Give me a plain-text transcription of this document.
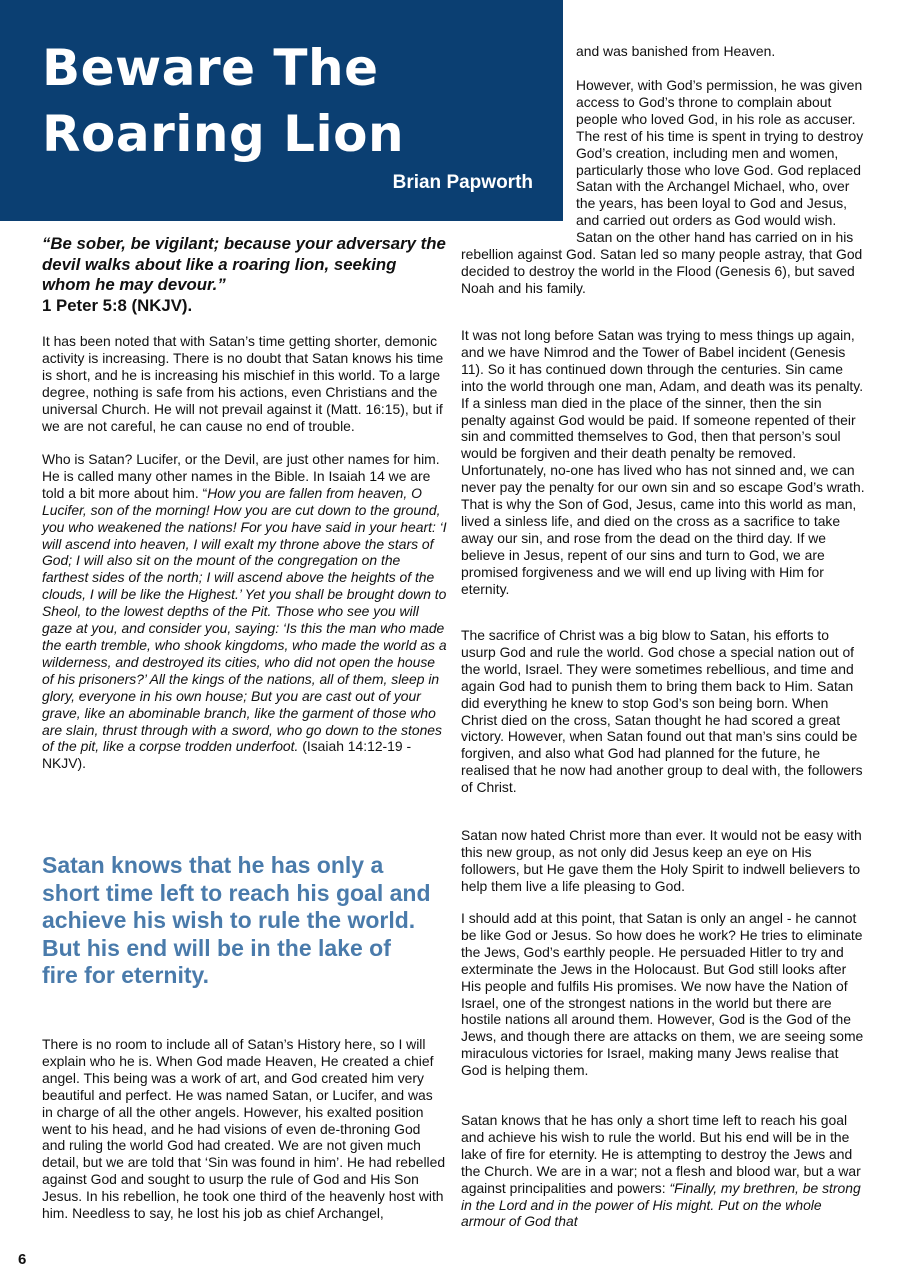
Beware The
Roaring Lion
Brian Papworth

“Be sober, be vigilant; because your adversary the devil walks about like a roaring lion, seeking whom he may devour.”
1 Peter 5:8 (NKJV).

It has been noted that with Satan’s time getting shorter, demonic activity is increasing. There is no doubt that Satan knows his time is short, and he is increasing his mischief in this world. To a large degree, nothing is safe from his actions, even Christians and the universal Church. He will not prevail against it (Matt. 16:15), but if we are not careful, he can cause no end of trouble.

Who is Satan? Lucifer, or the Devil, are just other names for him. He is called many other names in the Bible. In Isaiah 14 we are told a bit more about him. “How you are fallen from heaven, O Lucifer, son of the morning! How you are cut down to the ground, you who weakened the nations! For you have said in your heart: ‘I will ascend into heaven, I will exalt my throne above the stars of God; I will also sit on the mount of the congregation on the farthest sides of the north; I will ascend above the heights of the clouds, I will be like the Highest.’ Yet you shall be brought down to Sheol, to the lowest depths of the Pit. Those who see you will gaze at you, and consider you, saying: ‘Is this the man who made the earth tremble, who shook kingdoms, who made the world as a wilderness, and destroyed its cities, who did not open the house of his prisoners?’ All the kings of the nations, all of them, sleep in glory, everyone in his own house; But you are cast out of your grave, like an abominable branch, like the garment of those who are slain, thrust through with a sword, who go down to the stones of the pit, like a corpse trodden underfoot. (Isaiah 14:12-19 - NKJV).

Satan knows that he has only a short time left to reach his goal and achieve his wish to rule the world. But his end will be in the lake of fire for eternity.

There is no room to include all of Satan’s History here, so I will explain who he is. When God made Heaven, He created a chief angel. This being was a work of art, and God created him very beautiful and perfect. He was named Satan, or Lucifer, and was in charge of all the other angels. However, his exalted position went to his head, and he had visions of even de-throning God and ruling the world God had created. We are not given much detail, but we are told that ‘Sin was found in him’. He had rebelled against God and sought to usurp the rule of God and His Son Jesus. In his rebellion, he took one third of the heavenly host with him. Needless to say, he lost his job as chief Archangel,

and was banished from Heaven.

However, with God’s permission, he was given access to God’s throne to complain about people who loved God, in his role as accuser. The rest of his time is spent in trying to destroy God’s creation, including men and women, particularly those who love God. God replaced Satan with the Archangel Michael, who, over the years, has been loyal to God and Jesus, and carried out orders as God would wish. Satan on the other hand has carried on in his rebellion against God. Satan led so many people astray, that God decided to destroy the world in the Flood (Genesis 6), but saved Noah and his family.

It was not long before Satan was trying to mess things up again, and we have Nimrod and the Tower of Babel incident (Genesis 11). So it has continued down through the centuries. Sin came into the world through one man, Adam, and death was its penalty. If a sinless man died in the place of the sinner, then the sin penalty against God would be paid. If someone repented of their sin and committed themselves to God, then that person’s soul would be forgiven and their death penalty be removed. Unfortunately, no-one has lived who has not sinned and, we can never pay the penalty for our own sin and so escape God’s wrath. That is why the Son of God, Jesus, came into this world as man, lived a sinless life, and died on the cross as a sacrifice to take away our sin, and rose from the dead on the third day. If we believe in Jesus, repent of our sins and turn to God, we are promised forgiveness and we will end up living with Him for eternity.

The sacrifice of Christ was a big blow to Satan, his efforts to usurp God and rule the world. God chose a special nation out of the world, Israel. They were sometimes rebellious, and time and again God had to punish them to bring them back to Him. Satan did everything he knew to stop God’s son being born. When Christ died on the cross, Satan thought he had scored a great victory. However, when Satan found out that man’s sins could be forgiven, and also what God had planned for the future, he realised that he now had another group to deal with, the followers of Christ.

Satan now hated Christ more than ever. It would not be easy with this new group, as not only did Jesus keep an eye on His followers, but He gave them the Holy Spirit to indwell believers to help them live a life pleasing to God.

I should add at this point, that Satan is only an angel - he cannot be like God or Jesus. So how does he work? He tries to eliminate the Jews, God’s earthly people. He persuaded Hitler to try and exterminate the Jews in the Holocaust. But God still looks after His people and fulfils His promises. We now have the Nation of Israel, one of the strongest nations in the world but there are hostile nations all around them. However, God is the God of the Jews, and though there are attacks on them, we are seeing some miraculous victories for Israel, making many Jews realise that God is helping them.

Satan knows that he has only a short time left to reach his goal and achieve his wish to rule the world. But his end will be in the lake of fire for eternity. He is attempting to destroy the Jews and the Church. We are in a war; not a flesh and blood war, but a war against principalities and powers: “Finally, my brethren, be strong in the Lord and in the power of His might. Put on the whole armour of God that

6
